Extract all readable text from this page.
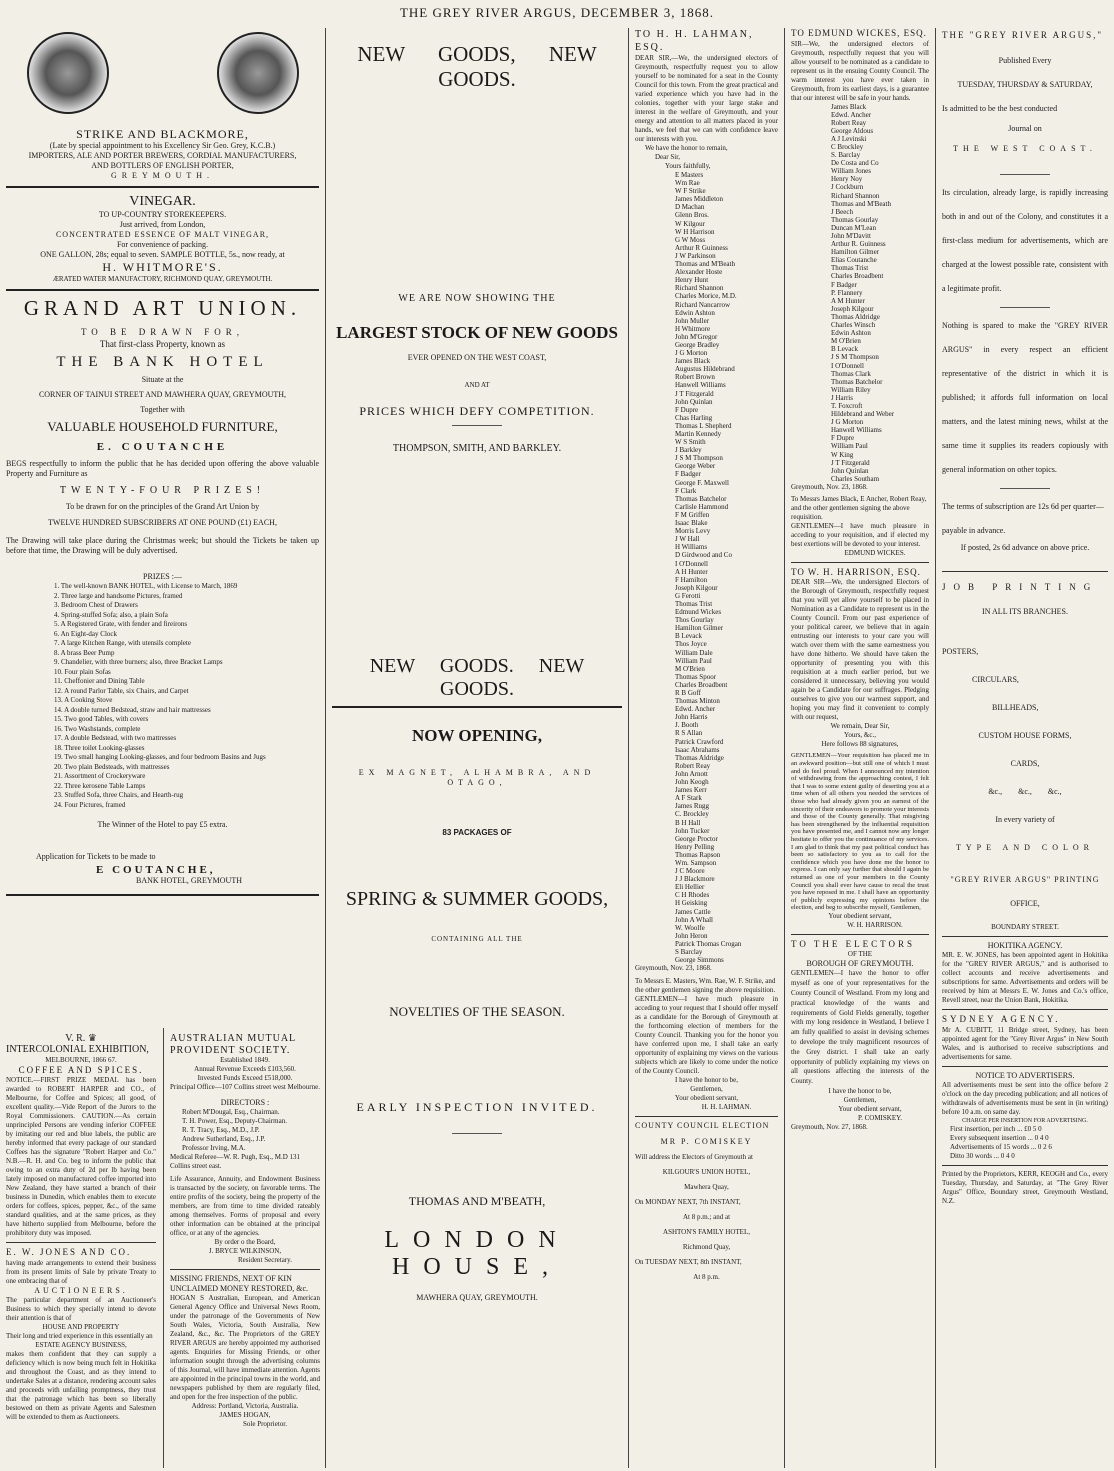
THE GREY RIVER ARGUS, DECEMBER 3, 1868.

STRIKE AND BLACKMORE,
(Late by special appointment to his Excellency Sir Geo. Grey, K.C.B.)
IMPORTERS, ALE AND PORTER BREWERS, CORDIAL MANUFACTURERS,
AND BOTTLERS OF ENGLISH PORTER,
GREYMOUTH.
VINEGAR.
TO UP-COUNTRY STOREKEEPERS.
Just arrived, from London,
CONCENTRATED ESSENCE OF MALT VINEGAR,
For convenience of packing.
ONE GALLON, 28s; equal to seven. SAMPLE BOTTLE, 5s., now ready, at
H. WHITMORE'S.
ÆRATED WATER MANUFACTORY, RICHMOND QUAY, GREYMOUTH.
GRAND ART UNION.
TO BE DRAWN FOR,
That first-class Property, known as
THE BANK HOTEL
Situate at the
CORNER OF TAINUI STREET AND MAWHERA QUAY, GREYMOUTH,
Together with
VALUABLE HOUSEHOLD FURNITURE,
E. COUTANCHE
BEGS respectfully to inform the public that he has decided upon offering the above valuable Property and Furniture as
TWENTY-FOUR PRIZES!
To be drawn for on the principles of the Grand Art Union by
TWELVE HUNDRED SUBSCRIBERS AT ONE POUND (£1) EACH,
The Drawing will take place during the Christmas week; but should the Tickets be taken up before that time, the Drawing will be duly advertised.
PRIZES :—
1. The well-known BANK HOTEL, with License to March, 1869
2. Three large and handsome Pictures, framed
3. Bedroom Chest of Drawers
4. Spring-stuffed Sofa; also, a plain Sofa
5. A Registered Grate, with fender and fireirons
6. An Eight-day Clock
7. A large Kitchen Range, with utensils complete
8. A brass Beer Pump
9. Chandelier, with three burners; also, three Bracket Lamps
10. Four plain Sofas
11. Cheffonier and Dining Table
12. A round Parlor Table, six Chairs, and Carpet
13. A Cooking Stove
14. A double turned Bedstead, straw and hair mattresses
15. Two good Tables, with covers
16. Two Washstands, complete
17. A double Bedstead, with two mattresses
18. Three toilet Looking-glasses
19. Two small hanging Looking-glasses, and four bedroom Basins and Jugs
20. Two plain Bedsteads, with mattresses
21. Assortment of Crockeryware
22. Three kerosene Table Lamps
23. Stuffed Sofa, three Chairs, and Hearth-rug
24. Four Pictures, framed
The Winner of the Hotel to pay £5 extra.
Application for Tickets to be made to
E COUTANCHE,
BANK HOTEL, GREYMOUTH
V. R. ♛
INTERCOLONIAL EXHIBITION,
MELBOURNE, 1866 67.
COFFEE AND SPICES.
NOTICE.—FIRST PRIZE MEDAL has been awarded to ROBERT HARPER and CO., of Melbourne, for Coffee and Spices; all good, of excellent quality.—Vide Report of the Jurors to the Royal Commissioners. CAUTION.—As certain unprincipled Persons are vending inferior COFFEE by imitating our red and blue labels, the public are hereby informed that every package of our standard Coffees has the signature "Robert Harper and Co." N.B.—R. H. and Co. beg to inform the public that owing to an extra duty of 2d per lb having been lately imposed on manufactured coffee imported into New Zealand, they have started a branch of their business in Dunedin, which enables them to execute orders for coffees, spices, pepper, &c., of the same standard qualities, and at the same prices, as they have hitherto supplied from Melbourne, before the prohibitory duty was imposed.
E. W. JONES AND CO.
having made arrangements to extend their business from its present limits of Sale by private Treaty to one embracing that of
AUCTIONEERS.
The particular department of an Auctioneer's Business to which they specially intend to devote their attention is that of
HOUSE AND PROPERTY
Their long and tried experience in this essentially an
ESTATE AGENCY BUSINESS,
makes them confident that they can supply a deficiency which is now being much felt in Hokitika and throughout the Coast, and as they intend to undertake Sales at a distance, rendering account sales and proceeds with unfailing promptness, they trust that the patronage which has been so liberally bestowed on them as private Agents and Salesmen will be extended to them as Auctioneers.
AUSTRALIAN MUTUAL PROVIDENT SOCIETY.
Established 1849.
Annual Revenue Exceeds £103,560.
Invested Funds Exceed £518,000.
Principal Office—107 Collins street west Melbourne.
DIRECTORS :
Robert M'Dougal, Esq., Chairman.
T. H. Power, Esq., Deputy-Chairman.
R. T. Tracy, Esq., M.D., J.P.
Andrew Sutherland, Esq., J.P.
Professor Irving, M.A.
Medical Referee—W. R. Pugh, Esq., M.D 131 Collins street east.
Life Assurance, Annuity, and Endowment Business is transacted by the society, on favorable terms. The entire profits of the society, being the property of the members, are from time to time divided rateably among themselves. Forms of proposal and every other information can be obtained at the principal office, or at any of the agencies.
By order o the Board,
J. BRYCE WILKINSON,
Resident Secretary.
MISSING FRIENDS, NEXT OF KIN UNCLAIMED MONEY RESTORED, &c.
HOGAN S Australian, European, and American General Agency Office and Universal News Room, under the patronage of the Governments of New South Wales, Victoria, South Australia, New Zealand, &c., &c. The Proprietors of the GREY RIVER ARGUS are hereby appointed my authorised agents. Enquiries for Missing Friends, or other information sought through the advertising columns of this Journal, will have immediate attention. Agents are appointed in the principal towns in the world, and newspapers published by them are regularly filed, and open for the free inspection of the public.
Address: Portland, Victoria, Australia.
JAMES HOGAN,
Sole Proprietor.
NEW GOODS, NEW GOODS.
WE ARE NOW SHOWING THE
LARGEST STOCK OF NEW GOODS
EVER OPENED ON THE WEST COAST,
AND AT
PRICES WHICH DEFY COMPETITION.
THOMPSON, SMITH, AND BARKLEY.
NEW GOODS. NEW GOODS.
NOW OPENING,
EX MAGNET, ALHAMBRA, AND OTAGO,
83 PACKAGES OF
SPRING & SUMMER GOODS,
CONTAINING ALL THE
NOVELTIES OF THE SEASON.
EARLY INSPECTION INVITED.
THOMAS AND M'BEATH,
LONDON HOUSE,
MAWHERA QUAY, GREYMOUTH.
TO H. H. LAHMAN, ESQ.
DEAR SIR,—We, the undersigned electors of Greymouth, respectfully request you to allow yourself to be nominated for a seat in the County Council for this town. From the great practical and varied experience which you have had in the colonies, together with your large stake and interest in the welfare of Greymouth, and your energy and attention to all matters placed in your hands, we feel that we can with confidence leave our interests with you.
We have the honor to remain,
Dear Sir,
Yours faithfully,
E Masters
Wm Rae
W F Strike
James Middleton
D Machan
Glenn Bros.
W Kilgour
W H Harrison
G W Moss
Arthur R Guinness
J W Parkinson
Thomas and M'Beath
Alexander Hoste
Henry Hunt
Richard Shannon
Charles Morice, M.D.
Richard Nancarrow
Edwin Ashton
John Muller
H Whitmore
John M'Gregor
George Bradley
J G Morton
James Black
Augustus Hildebrand
Robert Brown
Hanwell Williams
J T Fitzgerald
John Quinlan
F Dupre
Chas Harling
Thomas L Shepherd
Martin Kennedy
W S Smith
J Barkley
J S M Thompson
George Weber
F Badger
George F. Maxwell
F Clark
Thomas Batchelor
Carlisle Hammond
F M Griffen
Isaac Blake
Morris Levy
J W Hall
H Williams
D Girdwood and Co
I O'Donnell
A H Hunter
F Hamilton
Joseph Kilgour
G Ferotti
Thomas Trist
Edmund Wickes
Thos Gourlay
Hamilton Gilmer
B Levack
Thos Joyce
William Dale
William Paul
M O'Brien
Thomas Spoor
Charles Broadbent
R B Goff
Thomas Minton
Edwd. Ancher
John Harris
J. Booth
R S Allan
Patrick Crawford
Isaac Abrahams
Thomas Aldridge
Robert Reay
John Arnott
John Keogh
James Kerr
A F Stark
James Rugg
C. Brockley
B H Hall
John Tucker
George Proctor
Henry Pelling
Thomas Rapson
Wm. Sampson
J C Moore
J J Blackmore
Eli Hellier
C H Rhodes
H Geisking
James Cattle
John A Whall
W. Woolfe
John Heron
Patrick Thomas Crogan
S Barclay
George Simmons
Greymouth, Nov. 23, 1868.
To Messrs E. Masters, Wm. Rae, W. F. Strike, and the other gentlemen signing the above requisition.
GENTLEMEN—I have much pleasure in acceding to your request that I should offer myself as a candidate for the Borough of Greymouth at the forthcoming election of members for the County Council. Thanking you for the honor you have conferred upon me, I shall take an early opportunity of explaining my views on the various subjects which are likely to come under the notice of the County Council.
I have the honor to be,
Gentlemen,
Your obedient servant,
H. H. LAHMAN.
COUNTY COUNCIL ELECTION
MR P. COMISKEY
Will address the Electors of Greymouth at
KILGOUR'S UNION HOTEL,
Mawhera Quay,
On MONDAY NEXT, 7th INSTANT,
At 8 p.m.; and at
ASHTON'S FAMILY HOTEL,
Richmond Quay,
On TUESDAY NEXT, 8th INSTANT,
At 8 p.m.
TO EDMUND WICKES, ESQ.
SIR—We, the undersigned electors of Greymouth, respectfully request that you will allow yourself to be nominated as a candidate to represent us in the ensuing County Council. The warm interest you have ever taken in Greymouth, from its earliest days, is a guarantee that our interest will be safe in your hands.
James Black
Edwd. Ancher
Robert Reay
George Aldous
A J Levinski
C Brockley
S. Barclay
De Costa and Co
William Jones
Henry Noy
J Cockburn
Richard Shannon
Thomas and M'Beath
J Beech
Thomas Gourlay
Duncan M'Lean
John M'Davitt
Arthur R. Guinness
Hamilton Gilmer
Elias Coutanche
Thomas Trist
Charles Broadbent
F Badger
P. Flannery
A M Hunter
Joseph Kilgour
Thomas Aldridge
Charles Winsch
Edwin Ashton
M O'Brien
B Levack
J S M Thompson
I O'Donnell
Thomas Clark
Thomas Batchelor
William Riley
J Harris
T. Foxcroft
Hildebrand and Weber
J G Morton
Hanwell Williams
F Dupre
William Paul
W King
J T Fitzgerald
John Quinlan
Charles Southam
Greymouth, Nov. 23, 1868.
To Messrs James Black, E Ancher, Robert Reay, and the other gentlemen signing the above requisition.
GENTLEMEN—I have much pleasure in acceding to your requisition, and if elected my best exertions will be devoted to your interest.
EDMUND WICKES.
TO W. H. HARRISON, ESQ.
DEAR SIR—We, the undersigned Electors of the Borough of Greymouth, respectfully request that you will yet allow yourself to be placed in Nomination as a Candidate to represent us in the County Council. From our past experience of your political career, we believe that in again entrusting our interests to your care you will watch over them with the same earnestness you have done hitherto. We should have taken the opportunity of presenting you with this requisition at a much earlier period, but we considered it unnecessary, believing you would again be a Candidate for our suffrages. Pledging ourselves to give you our warmest support, and hoping you may find it convenient to comply with our request,
We remain, Dear Sir,
Yours, &c.,
Here follows 88 signatures,
GENTLEMEN—Your requisition has placed me in an awkward position—but still one of which I must and do feel proud. When I announced my intention of withdrawing from the approaching contest, I felt that I was to some extent guilty of deserting you at a time when of all others you needed the services of those who had already given you an earnest of the sincerity of their endeavors to promote your interests and those of the County generally. That misgiving has been strengthened by the influential requisition you have presented me, and I cannot now any longer hesitate to offer you the continuance of my services. I am glad to think that my past political conduct has been so satisfactory to you as to call for the confidence which you have done me the honor to express. I can only say further that should I again be returned as one of your members in the County Council you shall ever have cause to recal the trust you have reposed in me. I shall have an opportunity of publicly expressing my opinions before the election, and beg to subscribe myself, Gentlemen,
Your obedient servant,
W. H. HARRISON.
TO THE ELECTORS
OF THE
BOROUGH OF GREYMOUTH.
GENTLEMEN—I have the honor to offer myself as one of your representatives for the County Council of Westland. From my long and practical knowledge of the wants and requirements of Gold Fields generally, together with my long residence in Westland, I believe I am fully qualified to assist in devising schemes to develope the truly magnificent resources of the Grey district. I shall take an early opportunity of publicly explaining my views on all questions affecting the interests of the County.
I have the honor to be,
Gentlemen,
Your obedient servant,
P. COMISKEY.
Greymouth, Nov. 27, 1868.
THE "GREY RIVER ARGUS,"
Published Every
TUESDAY, THURSDAY & SATURDAY,
Is admitted to be the best conducted
Journal on
THE WEST COAST.
Its circulation, already large, is rapidly increasing both in and out of the Colony, and constitutes it a first-class medium for advertisements, which are charged at the lowest possible rate, consistent with a legitimate profit.
Nothing is spared to make the "GREY RIVER ARGUS" in every respect an efficient representative of the district in which it is published; it affords full information on local matters, and the latest mining news, whilst at the same time it supplies its readers copiously with general information on other topics.
The terms of subscription are 12s 6d per quarter—payable in advance.
If posted, 2s 6d advance on above price.
JOB PRINTING
IN ALL ITS BRANCHES.
POSTERS,
CIRCULARS,
BILLHEADS,
CUSTOM HOUSE FORMS,
CARDS,
&c., &c., &c.,
In every variety of
TYPE AND COLOR
"GREY RIVER ARGUS" PRINTING
OFFICE,
BOUNDARY STREET.
HOKITIKA AGENCY.
MR. E. W. JONES, has been appointed agent in Hokitika for the "GREY RIVER ARGUS," and is authorised to collect accounts and receive advertisements and subscriptions for same. Advertisements and orders will be received by him at Messrs E. W. Jones and Co.'s office, Revell street, near the Union Bank, Hokitika.
SYDNEY AGENCY.
Mr A. CUBITT, 11 Bridge street, Sydney, has been appointed agent for the "Grey River Argus" in New South Wales, and is authorised to receive subscriptions and advertisements for same.
NOTICE TO ADVERTISERS.
All advertisements must be sent into the office before 2 o'clock on the day preceding publication; and all notices of withdrawals of advertisements must be sent in (in writing) before 10 a.m. on same day.
CHARGE PER INSERTION FOR ADVERTISING.
First insertion, per inch ... £0 5 0
Every subsequent insertion ... 0 4 0
Advertisements of 15 words ... 0 2 6
Ditto 30 words ... 0 4 0
Printed by the Proprietors, KERR, KEOGH and Co., every Tuesday, Thursday, and Saturday, at "The Grey River Argus" Office, Boundary street, Greymouth Westland, N.Z.
